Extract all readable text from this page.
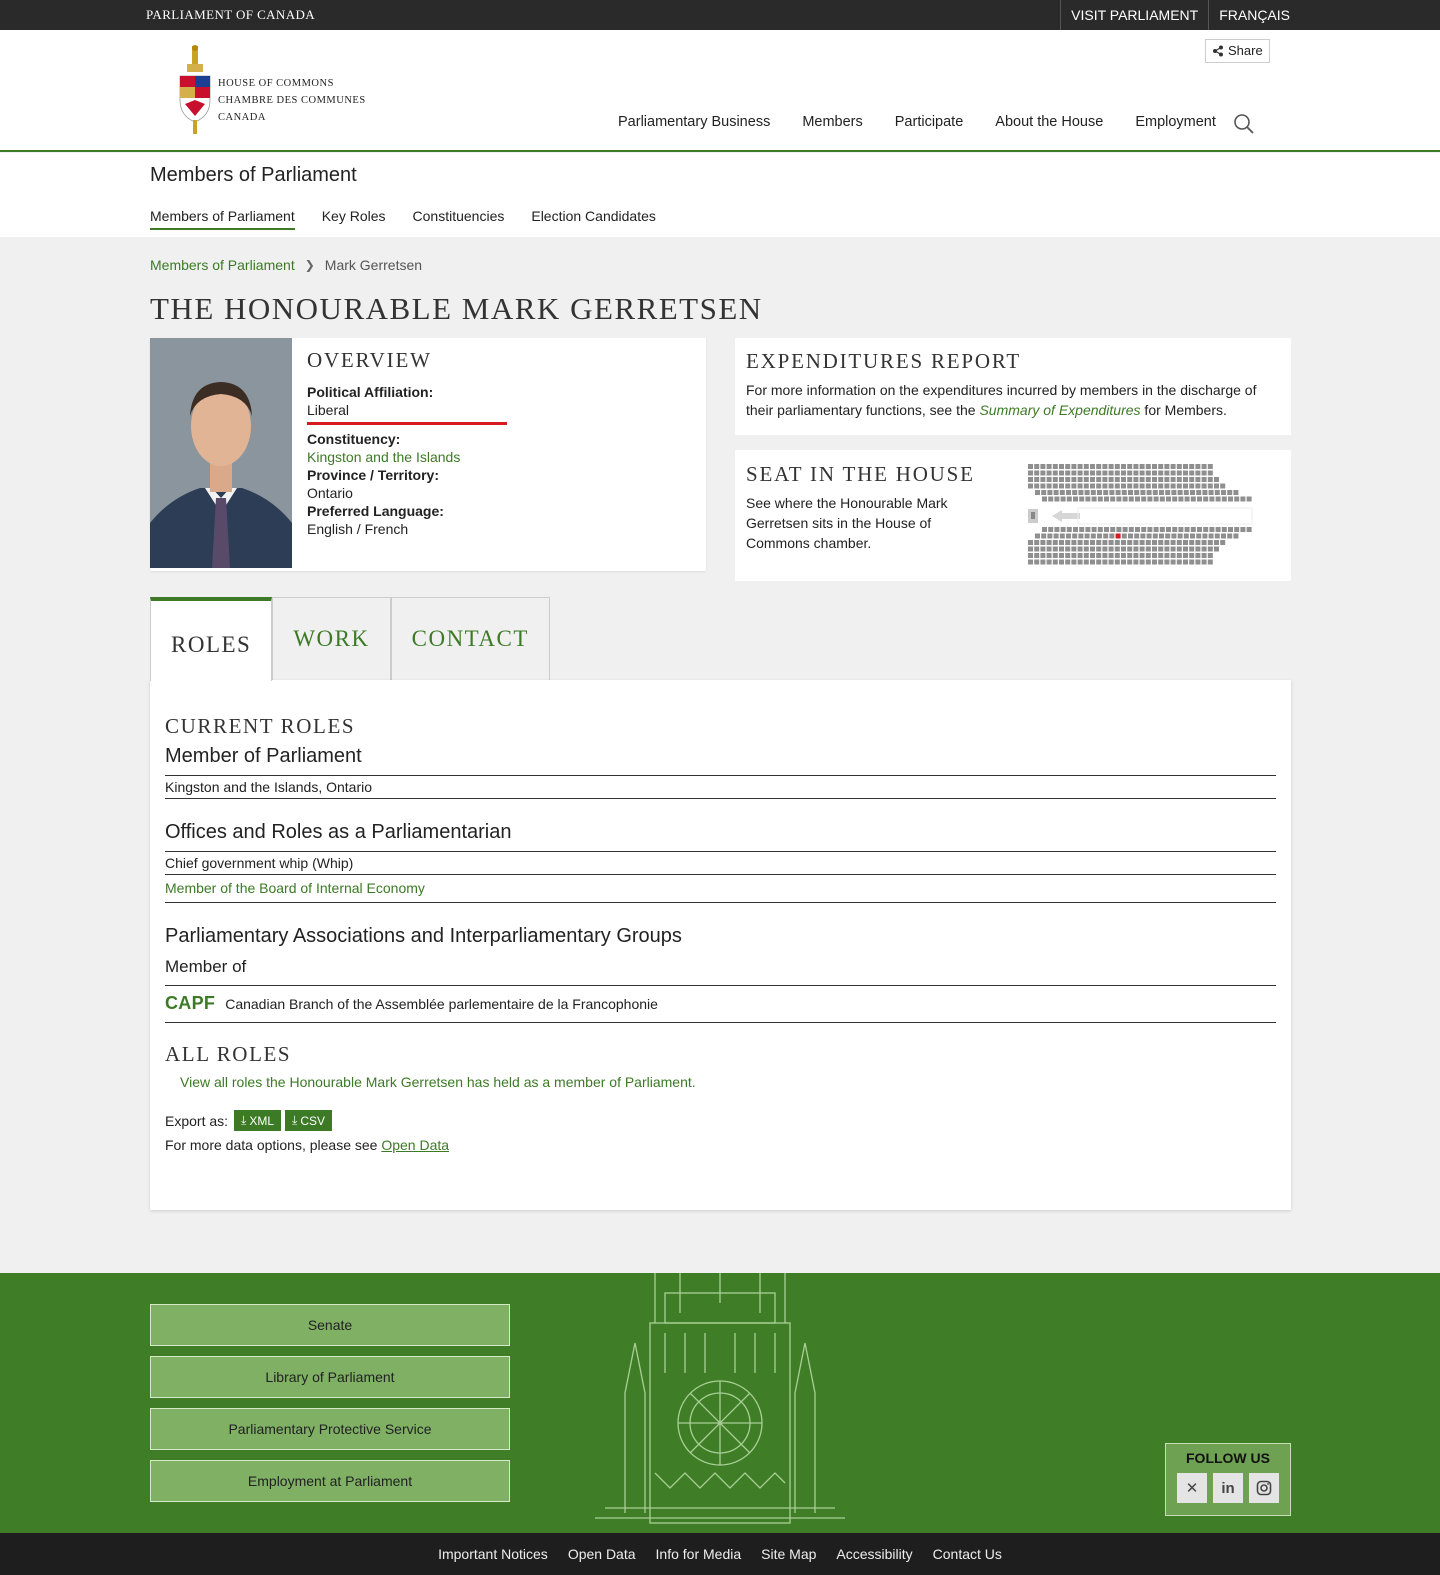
PARLIAMENT OF CANADA	VISIT PARLIAMENT	FRANÇAIS
HOUSE OF COMMONS
CHAMBRE DES COMMUNES
CANADA
Share
Parliamentary Business Members Participate About the House Employment
Members of Parliament
Members of Parliament Key Roles Constituencies Election Candidates
Members of Parliament ❯ Mark Gerretsen
THE HONOURABLE MARK GERRETSEN
OVERVIEW
Political Affiliation:
Liberal
Constituency:
Kingston and the Islands
Province / Territory:
Ontario
Preferred Language:
English / French
EXPENDITURES REPORT

For more information on the expenditures incurred by members in the discharge of their parliamentary functions, see the Summary of Expenditures for Members.

SEAT IN THE HOUSE

See where the Honourable Mark Gerretsen sits in the House of Commons chamber.

ROLES	WORK	CONTACT
CURRENT ROLES
Member of Parliament
Kingston and the Islands, Ontario
Offices and Roles as a Parliamentarian
Chief government whip (Whip)
Member of the Board of Internal Economy
Parliamentary Associations and Interparliamentary Groups
Member of
CAPF Canadian Branch of the Assemblée parlementaire de la Francophonie
ALL ROLES
View all roles the Honourable Mark Gerretsen has held as a member of Parliament.
Export as: ⤓ XML ⤓ CSV
For more data options, please see Open Data
Senate
Library of Parliament
Parliamentary Protective Service
Employment at Parliament
FOLLOW US
✕	in
Important Notices Open Data Info for Media Site Map Accessibility Contact Us
